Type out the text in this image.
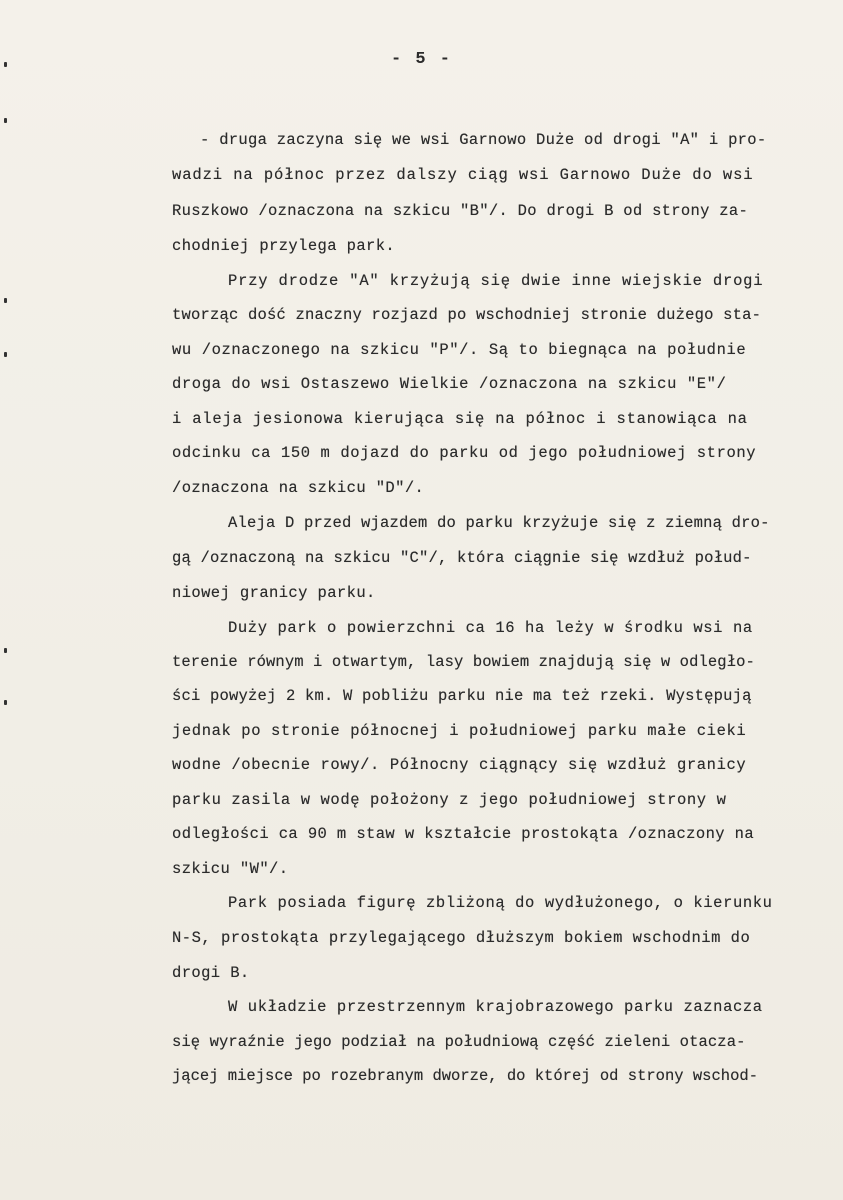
- 5 -
- druga zaczyna się we wsi Garnowo Duże od drogi "A" i pro-
wadzi na północ przez dalszy ciąg wsi Garnowo Duże do wsi
Ruszkowo /oznaczona na szkicu "B"/. Do drogi B od strony za-
chodniej przylega park.
Przy drodze "A" krzyżują się dwie inne wiejskie drogi
tworząc dość znaczny rozjazd po wschodniej stronie dużego sta-
wu /oznaczonego na szkicu "P"/. Są to biegnąca na południe
droga do wsi Ostaszewo Wielkie /oznaczona na szkicu "E"/
i aleja jesionowa kierująca się na północ i stanowiąca na
odcinku ca 150 m dojazd do parku od jego południowej strony
/oznaczona na szkicu "D"/.
Aleja D przed wjazdem do parku krzyżuje się z ziemną dro-
gą /oznaczoną na szkicu "C"/, która ciągnie się wzdłuż połud-
niowej granicy parku.
Duży park o powierzchni ca 16 ha leży w środku wsi na
terenie równym i otwartym, lasy bowiem znajdują się w odległo-
ści powyżej 2 km. W pobliżu parku nie ma też rzeki. Występują
jednak po stronie północnej i południowej parku małe cieki
wodne /obecnie rowy/. Północny ciągnący się wzdłuż granicy
parku zasila w wodę położony z jego południowej strony w
odległości ca 90 m staw w kształcie prostokąta /oznaczony na
szkicu "W"/.
Park posiada figurę zbliżoną do wydłużonego, o kierunku
N-S, prostokąta przylegającego dłuższym bokiem wschodnim do
drogi B.
W układzie przestrzennym krajobrazowego parku zaznacza
się wyraźnie jego podział na południową część zieleni otacza-
jącej miejsce po rozebranym dworze, do której od strony wschod-
